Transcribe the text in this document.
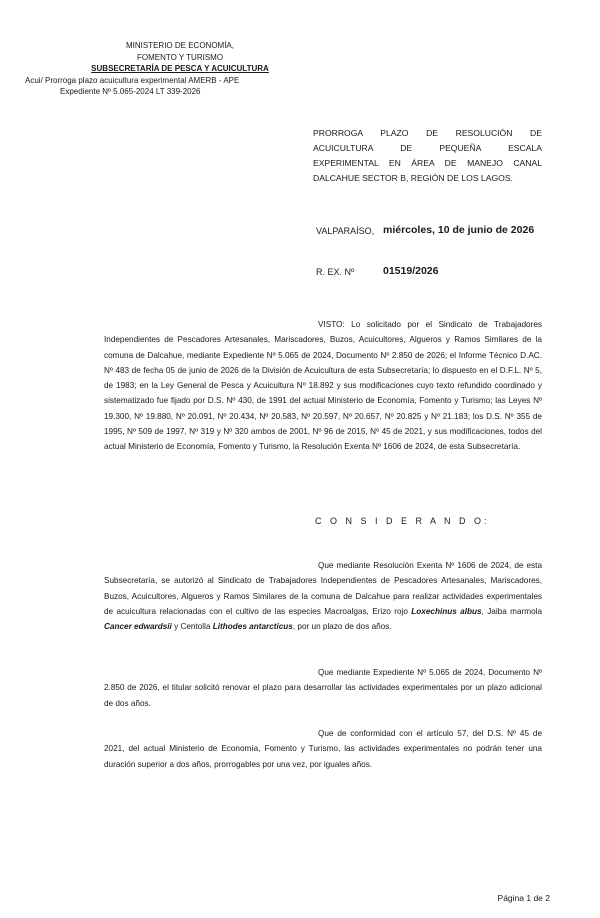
MINISTERIO DE ECONOMÍA,
FOMENTO Y TURISMO
SUBSECRETARÍA DE PESCA Y ACUICULTURA
Acui/ Prorroga plazo acuicultura experimental AMERB - APE
Expediente Nº 5.065-2024 LT 339-2026
PRORROGA PLAZO DE RESOLUCIÓN DE
ACUICULTURA DE PEQUEÑA ESCALA
EXPERIMENTAL EN ÁREA DE MANEJO CANAL
DALCAHUE SECTOR B, REGIÓN DE LOS LAGOS.
VALPARAÍSO, miércoles, 10 de junio de 2026
R. EX. Nº	01519/2026
VISTO: Lo solicitado por el Sindicato de Trabajadores Independientes de Pescadores Artesanales, Mariscadores, Buzos, Acuicultores, Algueros y Ramos Similares de la comuna de Dalcahue, mediante Expediente Nº 5.065 de 2024, Documento Nº 2.850 de 2026; el Informe Técnico D.AC. Nº 483 de fecha 05 de junio de 2026 de la División de Acuicultura de esta Subsecretaría; lo dispuesto en el D.F.L. Nº 5, de 1983; en la Ley General de Pesca y Acuicultura Nº 18.892 y sus modificaciones cuyo texto refundido coordinado y sistematizado fue fijado por D.S. Nº 430, de 1991 del actual Ministerio de Economía, Fomento y Turismo; las Leyes Nº 19.300, Nº 19.880, Nº 20.091, Nº 20.434, Nº 20.583, Nº 20.597, Nº 20.657, Nº 20.825 y Nº 21.183; los D.S. Nº 355 de 1995, Nº 509 de 1997, Nº 319 y Nº 320 ambos de 2001, Nº 96 de 2015, Nº 45 de 2021, y sus modificaciones, todos del actual Ministerio de Economía, Fomento y Turismo, la Resolución Exenta Nº 1606 de 2024, de esta Subsecretaría.
C O N S I D E R A N D O:
Que mediante Resolución Exenta Nº 1606 de 2024, de esta Subsecretaría, se autorizó al Sindicato de Trabajadores Independientes de Pescadores Artesanales, Mariscadores, Buzos, Acuicultores, Algueros y Ramos Similares de la comuna de Dalcahue para realizar actividades experimentales de acuicultura relacionadas con el cultivo de las especies Macroalgas, Erizo rojo Loxechinus albus, Jaiba marmola Cancer edwardsii y Centolla Lithodes antarcticus, por un plazo de dos años.
Que mediante Expediente Nº 5.065 de 2024, Documento Nº 2.850 de 2026, el titular solicitó renovar el plazo para desarrollar las actividades experimentales por un plazo adicional de dos años.
Que de conformidad con el artículo 57, del D.S. Nº 45 de 2021, del actual Ministerio de Economía, Fomento y Turismo, las actividades experimentales no podrán tener una duración superior a dos años, prorrogables por una vez, por iguales años.
Página 1 de 2
